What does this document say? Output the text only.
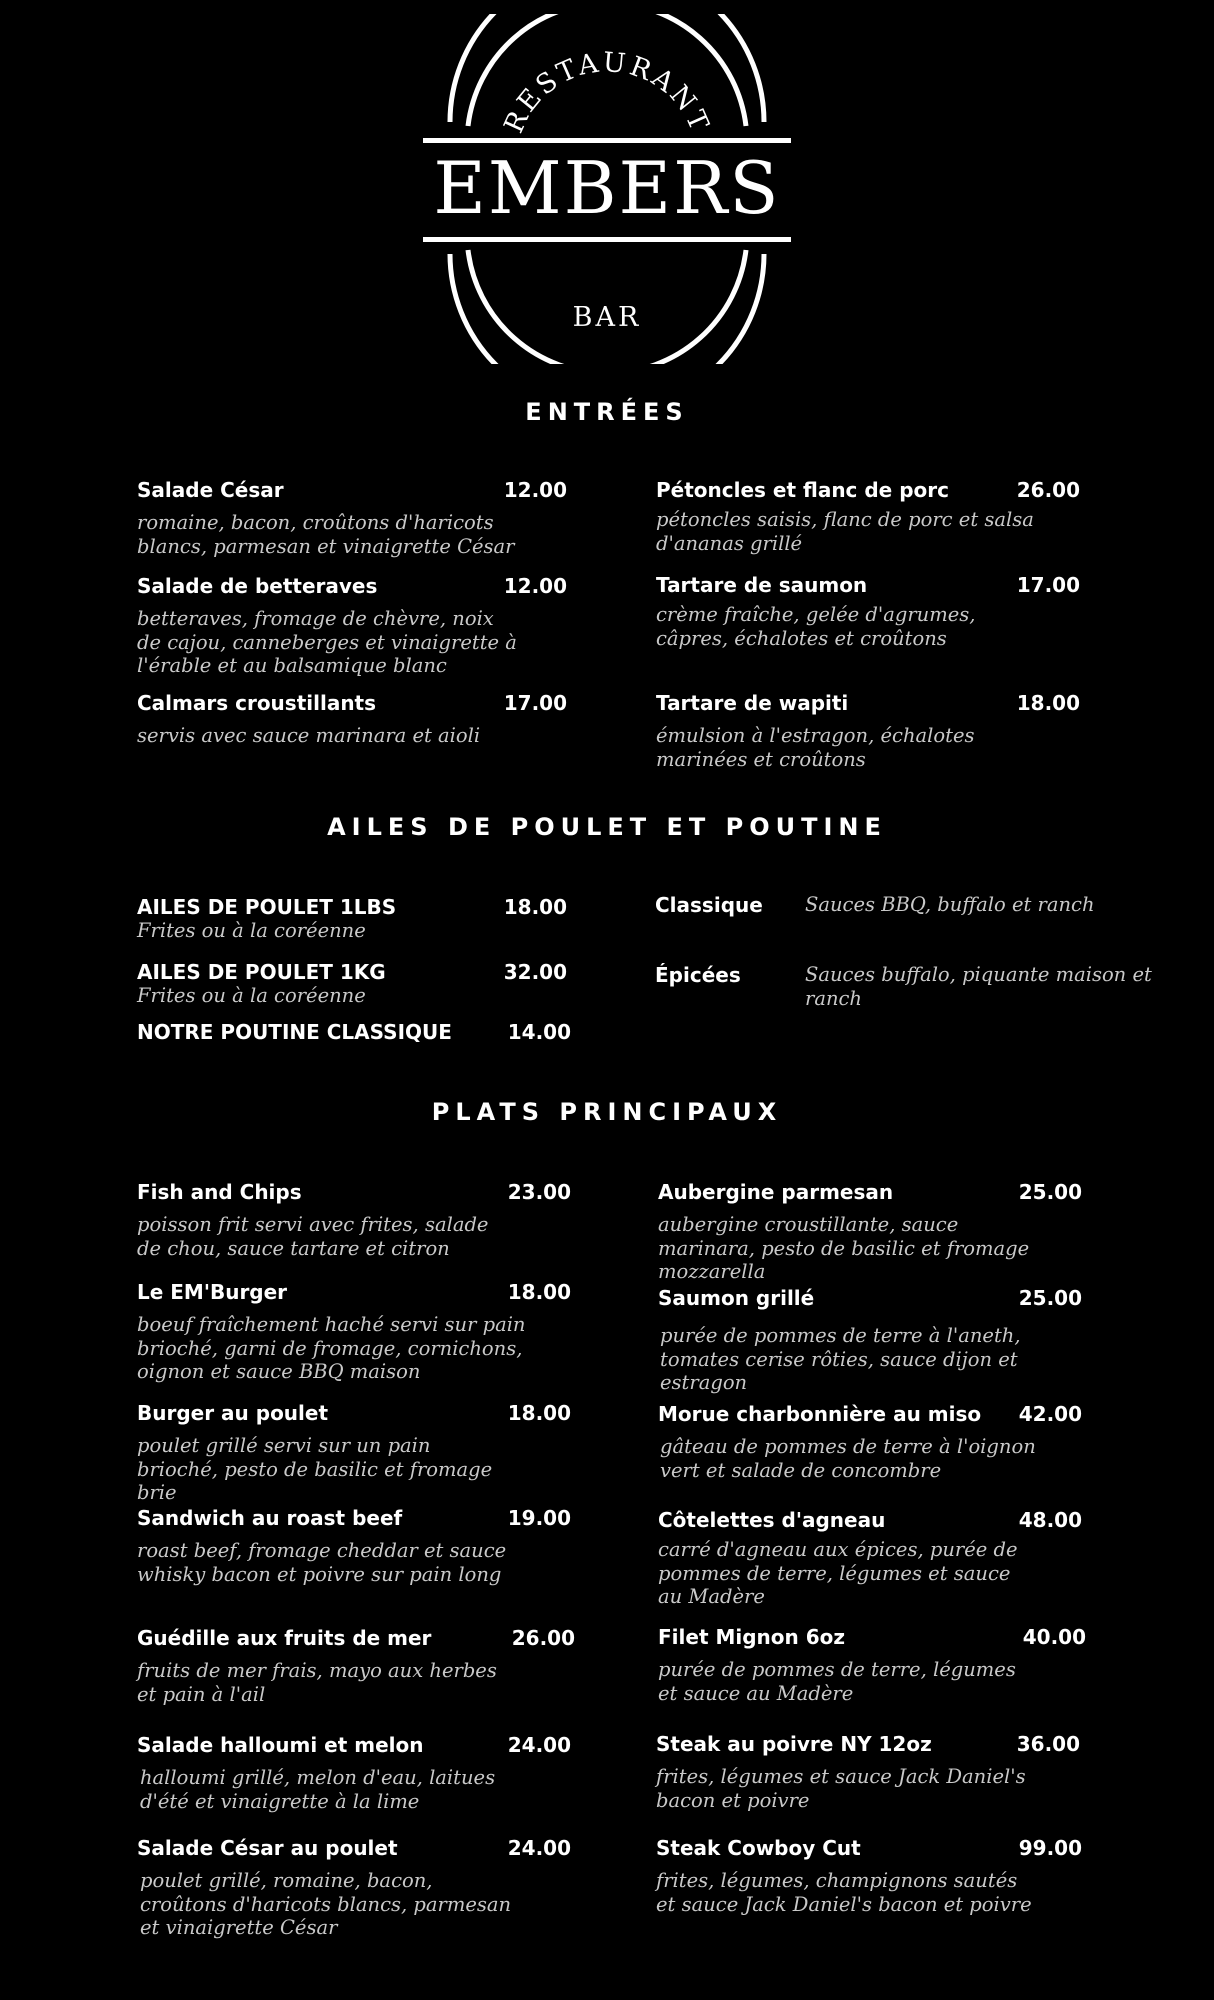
RESTAURANT
EMBERS
BAR
ENTRÉES
Salade César	12.00
romaine, bacon, croûtons d'haricots blancs, parmesan et vinaigrette César
Salade de betteraves	12.00
betteraves, fromage de chèvre, noix de cajou, canneberges et vinaigrette à l'érable et au balsamique blanc
Calmars croustillants	17.00
servis avec sauce marinara et aioli
Pétoncles et flanc de porc	26.00
pétoncles saisis, flanc de porc et salsa d'ananas grillé
Tartare de saumon	17.00
crème fraîche, gelée d'agrumes, câpres, échalotes et croûtons
Tartare de wapiti	18.00
émulsion à l'estragon, échalotes marinées et croûtons
AILES DE POULET ET POUTINE
AILES DE POULET 1LBS	18.00
Frites ou à la coréenne
AILES DE POULET 1KG	32.00
Frites ou à la coréenne
NOTRE POUTINE CLASSIQUE	14.00
Classique Sauces BBQ, buffalo et ranch
Épicées	Sauces buffalo, piquante maison et ranch
PLATS PRINCIPAUX
Fish and Chips	23.00
poisson frit servi avec frites, salade de chou, sauce tartare et citron
Le EM'Burger	18.00
boeuf fraîchement haché servi sur pain brioché, garni de fromage, cornichons, oignon et sauce BBQ maison
Burger au poulet	18.00
poulet grillé servi sur un pain brioché, pesto de basilic et fromage brie
Sandwich au roast beef	19.00
roast beef, fromage cheddar et sauce whisky bacon et poivre sur pain long
Guédille aux fruits de mer	26.00
fruits de mer frais, mayo aux herbes et pain à l'ail
Salade halloumi et melon	24.00
halloumi grillé, melon d'eau, laitues d'été et vinaigrette à la lime
Salade César au poulet	24.00
poulet grillé, romaine, bacon, croûtons d'haricots blancs, parmesan et vinaigrette César
Aubergine parmesan	25.00
aubergine croustillante, sauce marinara, pesto de basilic et fromage mozzarella
Saumon grillé	25.00
purée de pommes de terre à l'aneth, tomates cerise rôties, sauce dijon et estragon
Morue charbonnière au miso 42.00
gâteau de pommes de terre à l'oignon vert et salade de concombre
Côtelettes d'agneau	48.00
carré d'agneau aux épices, purée de pommes de terre, légumes et sauce au Madère
Filet Mignon 6oz	40.00
purée de pommes de terre, légumes et sauce au Madère
Steak au poivre NY 12oz	36.00
frites, légumes et sauce Jack Daniel's bacon et poivre
Steak Cowboy Cut	99.00
frites, légumes, champignons sautés et sauce Jack Daniel's bacon et poivre
